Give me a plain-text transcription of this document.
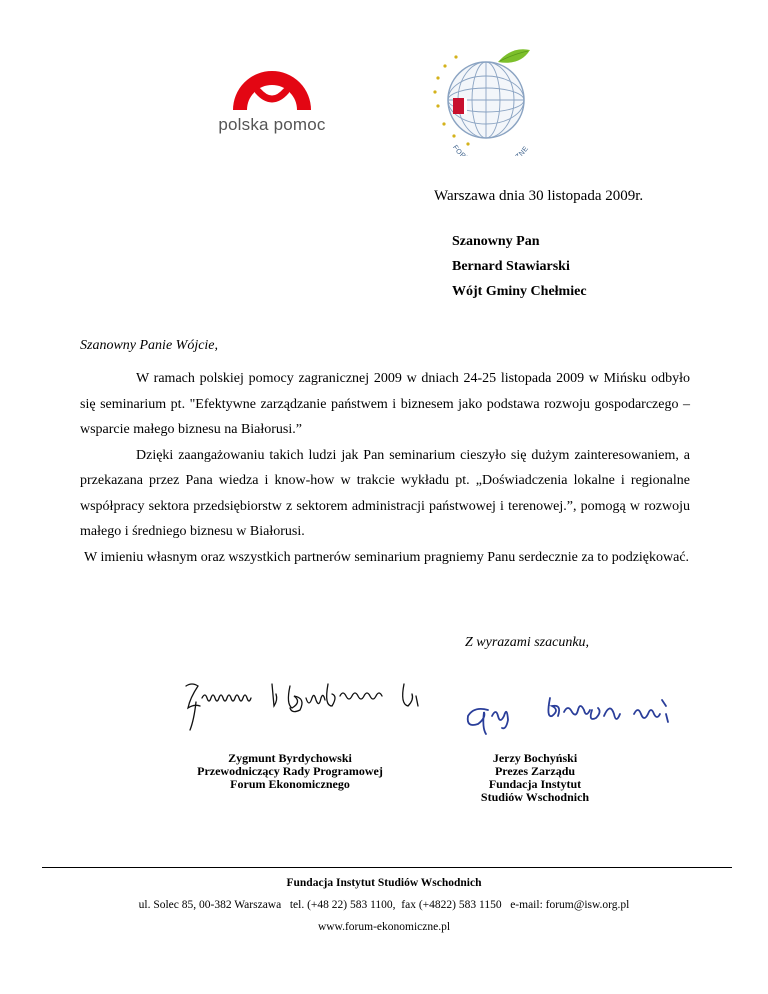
polska pomoc
FO NE
Warszawa dnia 30 listopada 2009r.
Szanowny Pan
Bernard Stawiarski
Wójt Gminy Chełmiec
Szanowny Panie Wójcie,

W ramach polskiej pomocy zagranicznej 2009 w dniach 24-25 listopada 2009 w Mińsku odbyło się seminarium pt. "Efektywne zarządzanie państwem i biznesem jako podstawa rozwoju gospodarczego – wsparcie małego biznesu na Białorusi.”

Dzięki zaangażowaniu takich ludzi jak Pan seminarium cieszyło się dużym zainteresowaniem, a przekazana przez Pana wiedza i know-how w trakcie wykładu pt. „Doświadczenia lokalne i regionalne współpracy sektora przedsiębiorstw z sektorem administracji państwowej i terenowej.”, pomogą w rozwoju małego i średniego biznesu w Białorusi.

W imieniu własnym oraz wszystkich partnerów seminarium pragniemy Panu serdecznie za to podziękować.

Z wyrazami szacunku,
Zygmunt Byrdychowski
Przewodniczący Rady Programowej
Forum Ekonomicznego
Jerzy Bochyński
Prezes Zarządu
Fundacja Instytut
Studiów Wschodnich
Fundacja Instytut Studiów Wschodnich
ul. Solec 85, 00-382 Warszawa   tel. (+48 22) 583 1100,  fax (+4822) 583 1150   e-mail: forum@isw.org.pl
www.forum-ekonomiczne.pl
